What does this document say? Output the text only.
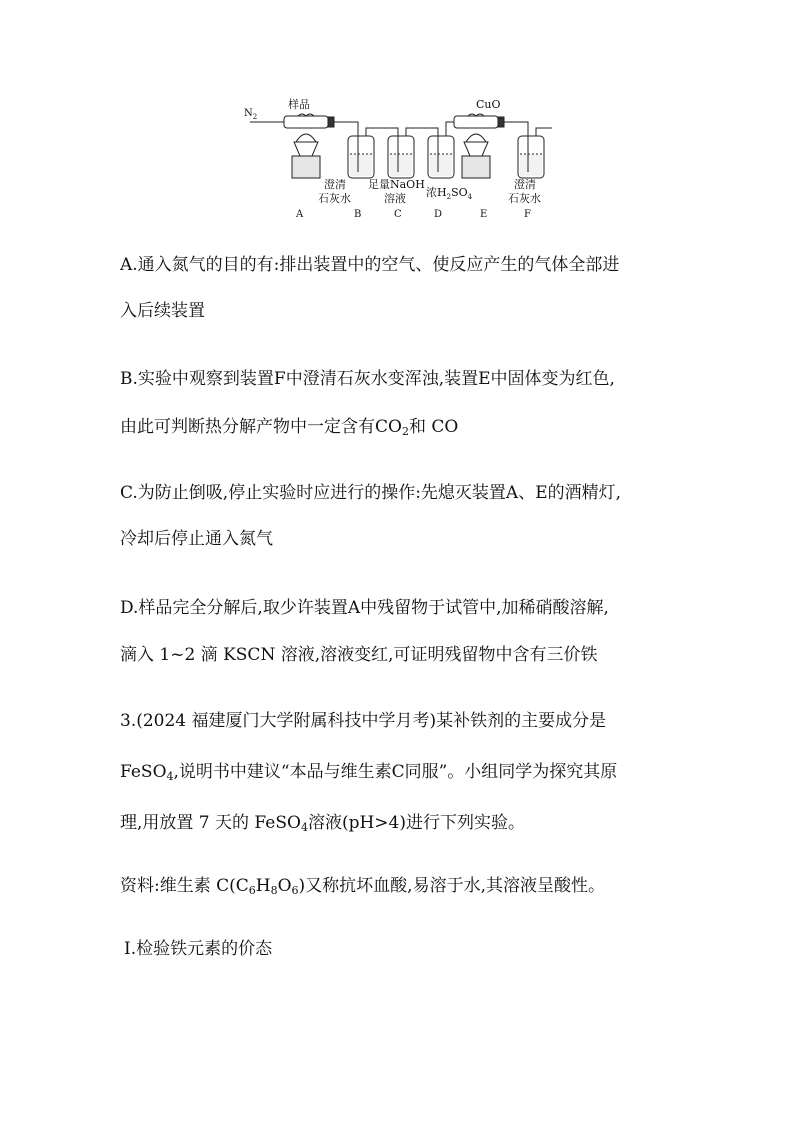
$N_2$
样品	CuO
澄清
石灰水
足量NaOH
溶液 浓$H_2SO_4$
澄清
石灰水
A	B	C	D	E	F
A.通入氮气的目的有:排出装置中的空气、使反应产生的气体全部进
入后续装置
B.实验中观察到装置F中澄清石灰水变浑浊,装置E中固体变为红色,
由此可判断热分解产物中一定含有$CO_2$和 CO
C.为防止倒吸,停止实验时应进行的操作:先熄灭装置A、E的酒精灯,
冷却后停止通入氮气
D.样品完全分解后,取少许装置A中残留物于试管中,加稀硝酸溶解,
滴入 1~2 滴 KSCN 溶液,溶液变红,可证明残留物中含有三价铁
3.(2024 福建厦门大学附属科技中学月考)某补铁剂的主要成分是
FeSO$_4$,说明书中建议“本品与维生素C同服”。小组同学为探究其原
理,用放置 7 天的 FeSO$_4$溶液(pH>4)进行下列实验。
资料:维生素 $C(C_6H_8O_6)$又称抗坏血酸,易溶于水,其溶液呈酸性。
Ⅰ.检验铁元素的价态
